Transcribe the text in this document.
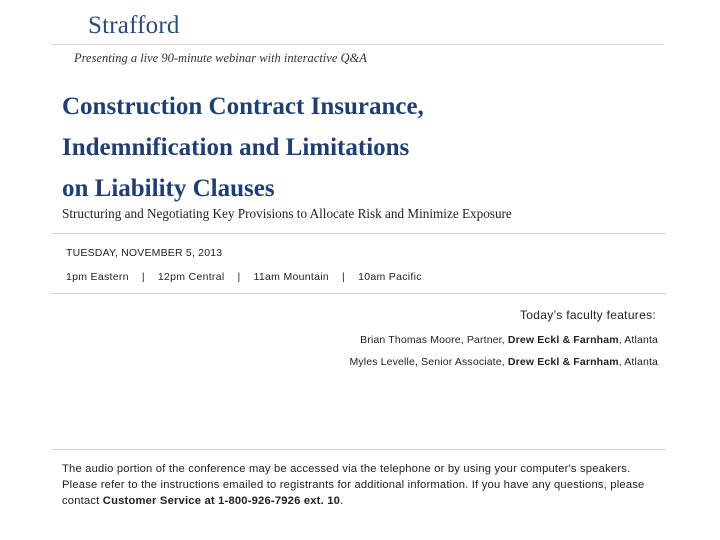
Strafford
Presenting a live 90-minute webinar with interactive Q&A
Construction Contract Insurance,
Indemnification and Limitations
on Liability Clauses
Structuring and Negotiating Key Provisions to Allocate Risk and Minimize Exposure
TUESDAY, NOVEMBER 5, 2013
1pm Eastern | 12pm Central | 11am Mountain | 10am Pacific
Today’s faculty features:
Brian Thomas Moore, Partner, Drew Eckl & Farnham, Atlanta
Myles Levelle, Senior Associate, Drew Eckl & Farnham, Atlanta
The audio portion of the conference may be accessed via the telephone or by using your computer's speakers. Please refer to the instructions emailed to registrants for additional information. If you have any questions, please contact Customer Service at 1-800-926-7926 ext. 10.
